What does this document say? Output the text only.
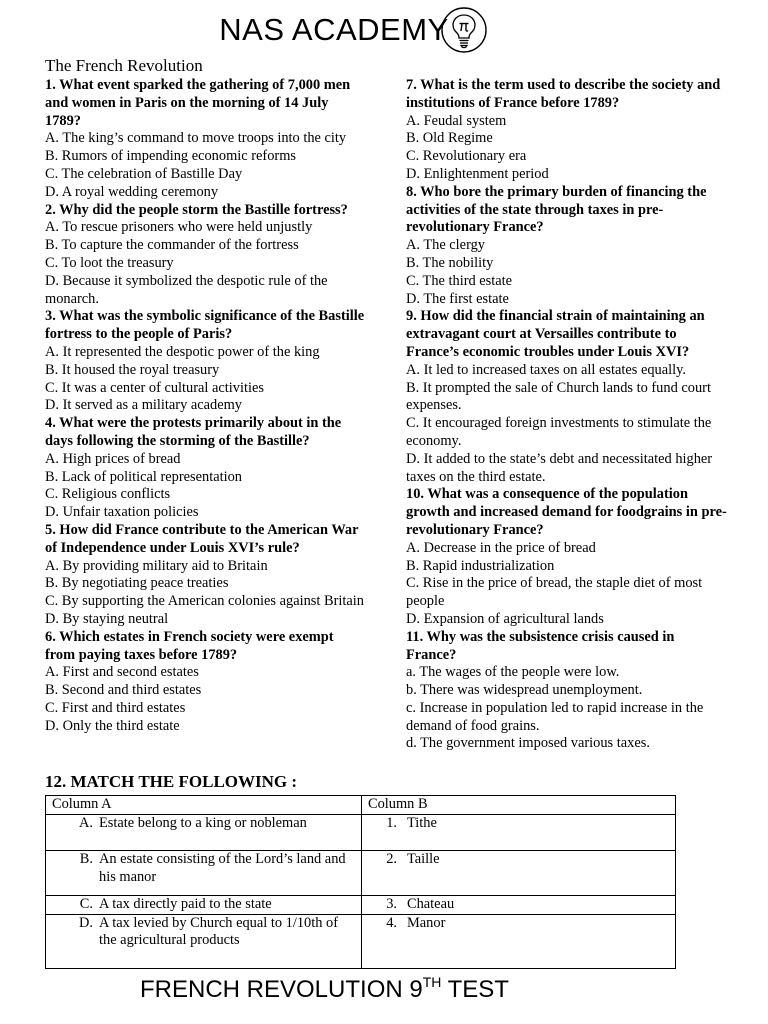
NAS ACADEMY
The French Revolution
1. What event sparked the gathering of 7,000 men and women in Paris on the morning of 14 July 1789?
A. The king’s command to move troops into the city
B. Rumors of impending economic reforms
C. The celebration of Bastille Day
D. A royal wedding ceremony
2. Why did the people storm the Bastille fortress?
A. To rescue prisoners who were held unjustly
B. To capture the commander of the fortress
C. To loot the treasury
D. Because it symbolized the despotic rule of the monarch.
3. What was the symbolic significance of the Bastille fortress to the people of Paris?
A. It represented the despotic power of the king
B. It housed the royal treasury
C. It was a center of cultural activities
D. It served as a military academy
4. What were the protests primarily about in the days following the storming of the Bastille?
A. High prices of bread
B. Lack of political representation
C. Religious conflicts
D. Unfair taxation policies
5. How did France contribute to the American War of Independence under Louis XVI’s rule?
A. By providing military aid to Britain
B. By negotiating peace treaties
C. By supporting the American colonies against Britain
D. By staying neutral
6. Which estates in French society were exempt from paying taxes before 1789?
A. First and second estates
B. Second and third estates
C. First and third estates
D. Only the third estate
7. What is the term used to describe the society and institutions of France before 1789?
A. Feudal system
B. Old Regime
C. Revolutionary era
D. Enlightenment period
8. Who bore the primary burden of financing the activities of the state through taxes in pre-revolutionary France?
A. The clergy
B. The nobility
C. The third estate
D. The first estate
9. How did the financial strain of maintaining an extravagant court at Versailles contribute to France’s economic troubles under Louis XVI?
A. It led to increased taxes on all estates equally.
B. It prompted the sale of Church lands to fund court expenses.
C. It encouraged foreign investments to stimulate the economy.
D. It added to the state’s debt and necessitated higher taxes on the third estate.
10. What was a consequence of the population growth and increased demand for foodgrains in pre-revolutionary France?
A. Decrease in the price of bread
B. Rapid industrialization
C. Rise in the price of bread, the staple diet of most people
D. Expansion of agricultural lands
11. Why was the subsistence crisis caused in France?
a. The wages of the people were low.
b. There was widespread unemployment.
c. Increase in population led to rapid increase in the demand of food grains.
d. The government imposed various taxes.
12. MATCH THE FOLLOWING :
Column A	Column B

A. Estate belong to a king or nobleman	1. Tithe

B. An estate consisting of the Lord’s land and his manor	2. Taille

C. A tax directly paid to the state	3. Chateau

D. A tax levied by Church equal to 1/10th of the agricultural products	4. Manor
FRENCH REVOLUTION 9TH TEST
